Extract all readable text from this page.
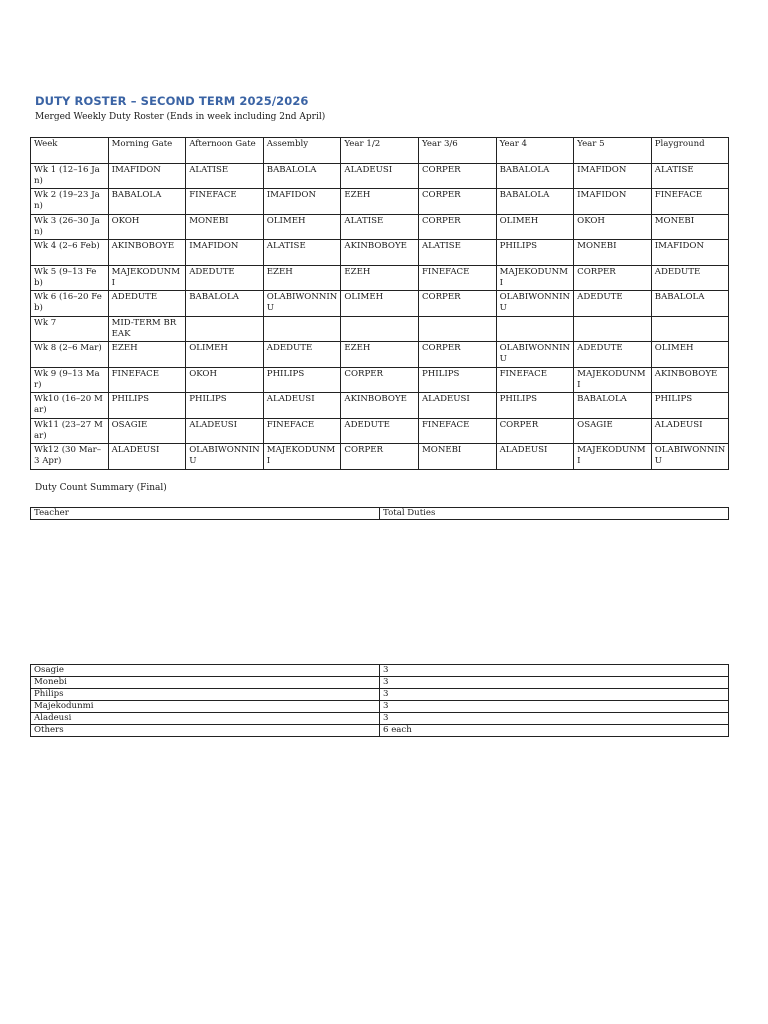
DUTY ROSTER – SECOND TERM 2025/2026
Merged Weekly Duty Roster (Ends in week including 2nd April)
Week	Morning Gate	Afternoon Gate	Assembly	Year 1/2	Year 3/6	Year 4	Year 5	Playground
Wk 1 (12–16 Jan)	IMAFIDON	ALATISE	BABALOLA	ALADEUSI	CORPER	BABALOLA	IMAFIDON	ALATISE
Wk 2 (19–23 Jan)	BABALOLA	FINEFACE	IMAFIDON	EZEH	CORPER	BABALOLA	IMAFIDON	FINEFACE
Wk 3 (26–30 Jan)	OKOH	MONEBI	OLIMEH	ALATISE	CORPER	OLIMEH	OKOH	MONEBI
Wk 4 (2–6 Feb)	AKINBOBOYE	IMAFIDON	ALATISE	AKINBOBOYE	ALATISE	PHILIPS	MONEBI	IMAFIDON
Wk 5 (9–13 Feb)	MAJEKODUNMI	ADEDUTE	EZEH	EZEH	FINEFACE	MAJEKODUNMI	CORPER	ADEDUTE
Wk 6 (16–20 Feb)	ADEDUTE	BABALOLA	OLABIWONNINU	OLIMEH	CORPER	OLABIWONNINU	ADEDUTE	BABALOLA
Wk 7	MID-TERM BREAK							
Wk 8 (2–6 Mar)	EZEH	OLIMEH	ADEDUTE	EZEH	CORPER	OLABIWONNINU	ADEDUTE	OLIMEH
Wk 9 (9–13 Mar)	FINEFACE	OKOH	PHILIPS	CORPER	PHILIPS	FINEFACE	MAJEKODUNMI	AKINBOBOYE
Wk10 (16–20 Mar)	PHILIPS	PHILIPS	ALADEUSI	AKINBOBOYE	ALADEUSI	PHILIPS	BABALOLA	PHILIPS
Wk11 (23–27 Mar)	OSAGIE	ALADEUSI	FINEFACE	ADEDUTE	FINEFACE	CORPER	OSAGIE	ALADEUSI
Wk12 (30 Mar–3 Apr)	ALADEUSI	OLABIWONNINU	MAJEKODUNMI	CORPER	MONEBI	ALADEUSI	MAJEKODUNMI	OLABIWONNINU
Duty Count Summary (Final)
Teacher	Total Duties
Osagie	3
Monebi	3
Philips	3
Majekodunmi	3
Aladeusi	3
Others	6 each
